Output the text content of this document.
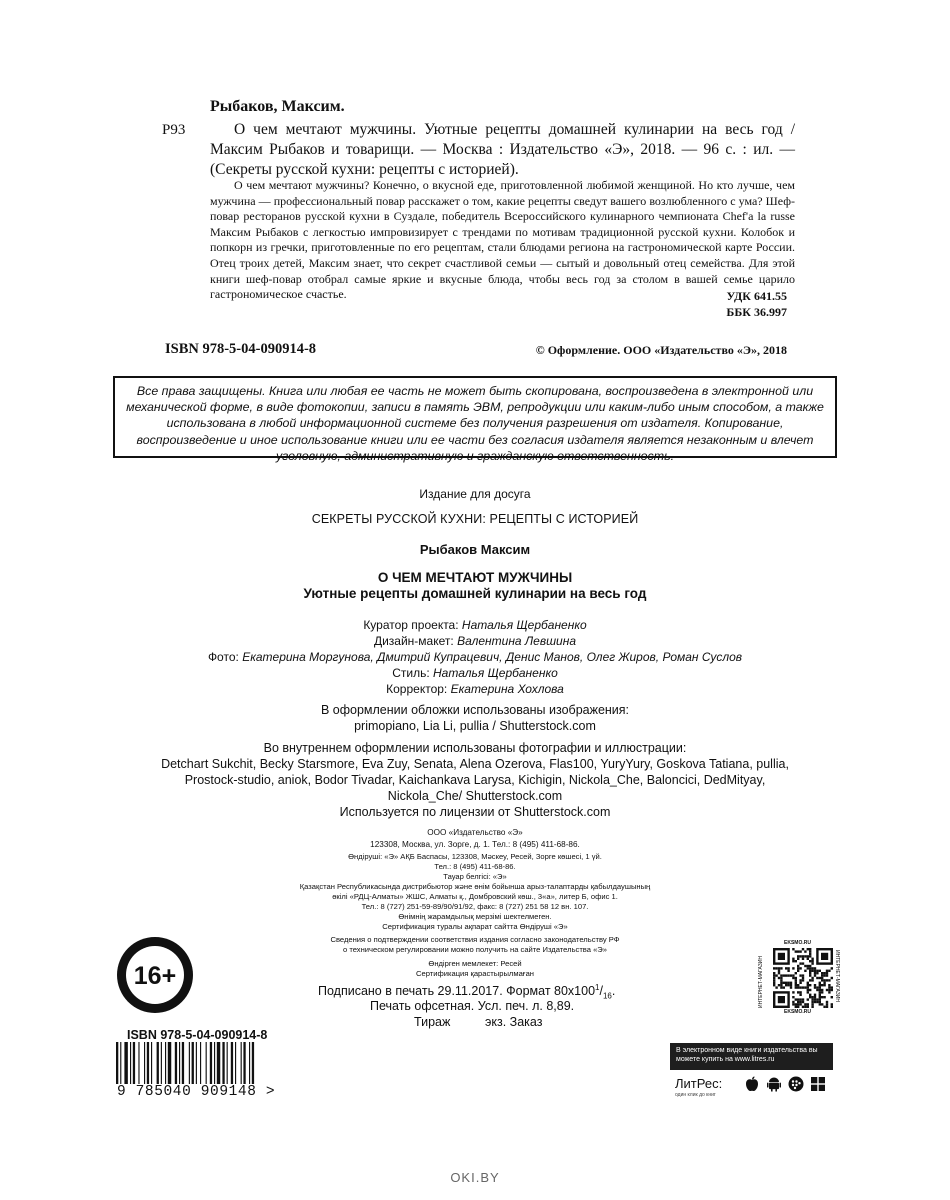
Рыбаков, Максим.
Р93	О чем мечтают мужчины. Уютные рецепты домашней кулинарии на весь год / Максим Рыбаков и товарищи. — Москва : Издательство «Э», 2018. — 96 с. : ил. — (Секреты русской кухни: рецепты с историей).
О чем мечтают мужчины? Конечно, о вкусной еде, приготовленной любимой женщиной. Но кто лучше, чем мужчина — профессиональный повар расскажет о том, какие рецепты сведут вашего возлюбленного с ума? Шеф-повар ресторанов русской кухни в Суздале, победитель Всероссийского кулинарного чемпионата Chef'a la russe Максим Рыбаков с легкостью импровизирует с трендами по мотивам традиционной русской кухни. Колобок и попкорн из гречки, приготовленные по его рецептам, стали блюдами региона на гастрономической карте России. Отец троих детей, Максим знает, что секрет счастливой семьи — сытый и довольный отец семейства. Для этой книги шеф-повар отобрал самые яркие и вкусные блюда, чтобы весь год за столом в вашей семье царило гастрономическое счастье.	УДК 641.55
ББК 36.997
ISBN 978-5-04-090914-8	© Оформление. ООО «Издательство «Э», 2018
Все права защищены. Книга или любая ее часть не может быть скопирована, воспроизведена в электронной или механической форме, в виде фотокопии, записи в память ЭВМ, репродукции или каким-либо иным способом, а также использована в любой информационной системе без получения разрешения от издателя. Копирование, воспроизведение и иное использование книги или ее части без согласия издателя является незаконным и влечет уголовную, административную и гражданскую ответственность.
Издание для досуга
СЕКРЕТЫ РУССКОЙ КУХНИ: РЕЦЕПТЫ С ИСТОРИЕЙ
Рыбаков Максим
О ЧЕМ МЕЧТАЮТ МУЖЧИНЫ
Уютные рецепты домашней кулинарии на весь год
Куратор проекта: Наталья Щербаненко
Дизайн-макет: Валентина Левшина
Фото: Екатерина Моргунова, Дмитрий Купрацевич, Денис Манов, Олег Жиров, Роман Суслов
Стиль: Наталья Щербаненко
Корректор: Екатерина Хохлова
В оформлении обложки использованы изображения:
primopiano, Lia Li, pullia / Shutterstock.com
Во внутреннем оформлении использованы фотографии и иллюстрации:
Detchart Sukchit, Becky Starsmore, Eva Zuy, Senata, Alena Ozerova, Flas100, YuryYury, Goskova Tatiana, pullia,
Prostock-studio, aniok, Bodor Tivadar, Kaichankava Larysa, Kichigin, Nickola_Che, Baloncici, DedMityay,
Nickola_Che/ Shutterstock.com
Используется по лицензии от Shutterstock.com
ООО «Издательство «Э»
123308, Москва, ул. Зорге, д. 1. Тел.: 8 (495) 411-68-86.
Өндіруші: «Э» АҚБ Баспасы, 123308, Мәскеу, Ресей, Зорге көшесі, 1 үй.
Тел.: 8 (495) 411-68-86.
Тауар белгісі: «Э»
Қазақстан Республикасында дистрибьютор және өнім бойынша арыз-талаптарды қабылдаушының
өкілі «РДЦ-Алматы» ЖШС, Алматы қ., Домбровский көш., 3«а», литер Б, офис 1.
Тел.: 8 (727) 251-59-89/90/91/92, факс: 8 (727) 251 58 12 вн. 107.
Өнімнің жарамдылық мерзімі шектелмеген.
Сертификация туралы ақпарат сайтта Өндіруші «Э»
Сведения о подтверждении соответствия издания согласно законодательству РФ
о техническом регулировании можно получить на сайте Издательства «Э»
Өндірген мемлекет: Ресей
Сертификация қарастырылмаған
Подписано в печать 29.11.2017. Формат $80х100^1/_{16}$.
Печать офсетная. Усл. печ. л. 8,89.
Тираж	экз. Заказ
16+
ISBN 978-5-04-090914-8
9 785040 909148 >
EKSMO.RU
ИНТЕРНЕТ-МАГАЗИН	ИНТЕРНЕТ-МАГАЗИН
EKSMO.RU
В электронном виде книги издательства вы можете купить на www.litres.ru
ЛитРес:
один клик до книг
OKI.BY
